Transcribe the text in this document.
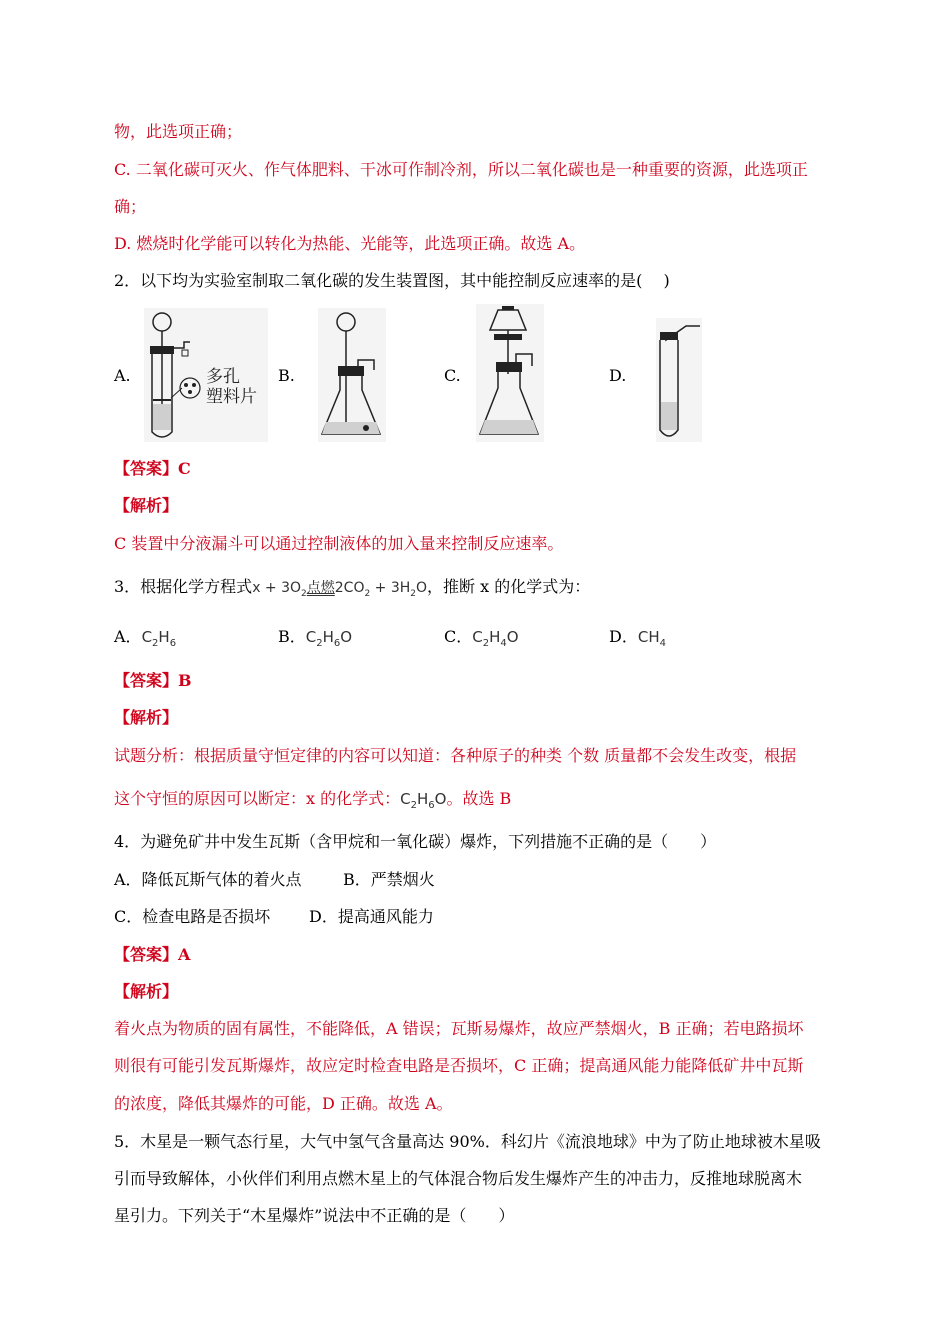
物，此选项正确；
C. 二氧化碳可灭火、作气体肥料、干冰可作制冷剂，所以二氧化碳也是一种重要的资源，此选项正
确；
D. 燃烧时化学能可以转化为热能、光能等，此选项正确。故选 A。
2．以下均为实验室制取二氧化碳的发生装置图，其中能控制反应速率的是(　 )
A.	B.	C.	D.
多孔
塑料片
【答案】C
【解析】
C 装置中分液漏斗可以通过控制液体的加入量来控制反应速率。
3．根据化学方程式$x + 3O_2$点燃$2CO_2 + 3H_2O$，推断 x 的化学式为：
A．$C_2H_6$	B．$C_2H_6O$	C．$C_2H_4O$	D．$CH_4$
【答案】B
【解析】
试题分析：根据质量守恒定律的内容可以知道：各种原子的种类 个数 质量都不会发生改变，根据
这个守恒的原因可以断定：x 的化学式：$C_2H_6O$。故选 B
4．为避免矿井中发生瓦斯（含甲烷和一氧化碳）爆炸，下列措施不正确的是（　　）
A．降低瓦斯气体的着火点	B．严禁烟火
C．检查电路是否损坏 D．提高通风能力
【答案】A
【解析】
着火点为物质的固有属性，不能降低，A 错误；瓦斯易爆炸，故应严禁烟火，B 正确；若电路损坏
则很有可能引发瓦斯爆炸，故应定时检查电路是否损坏，C 正确；提高通风能力能降低矿井中瓦斯
的浓度，降低其爆炸的可能，D 正确。故选 A。
5．木星是一颗气态行星，大气中氢气含量高达 90%．科幻片《流浪地球》中为了防止地球被木星吸
引而导致解体，小伙伴们利用点燃木星上的气体混合物后发生爆炸产生的冲击力，反推地球脱离木
星引力。下列关于“木星爆炸”说法中不正确的是（　　）
